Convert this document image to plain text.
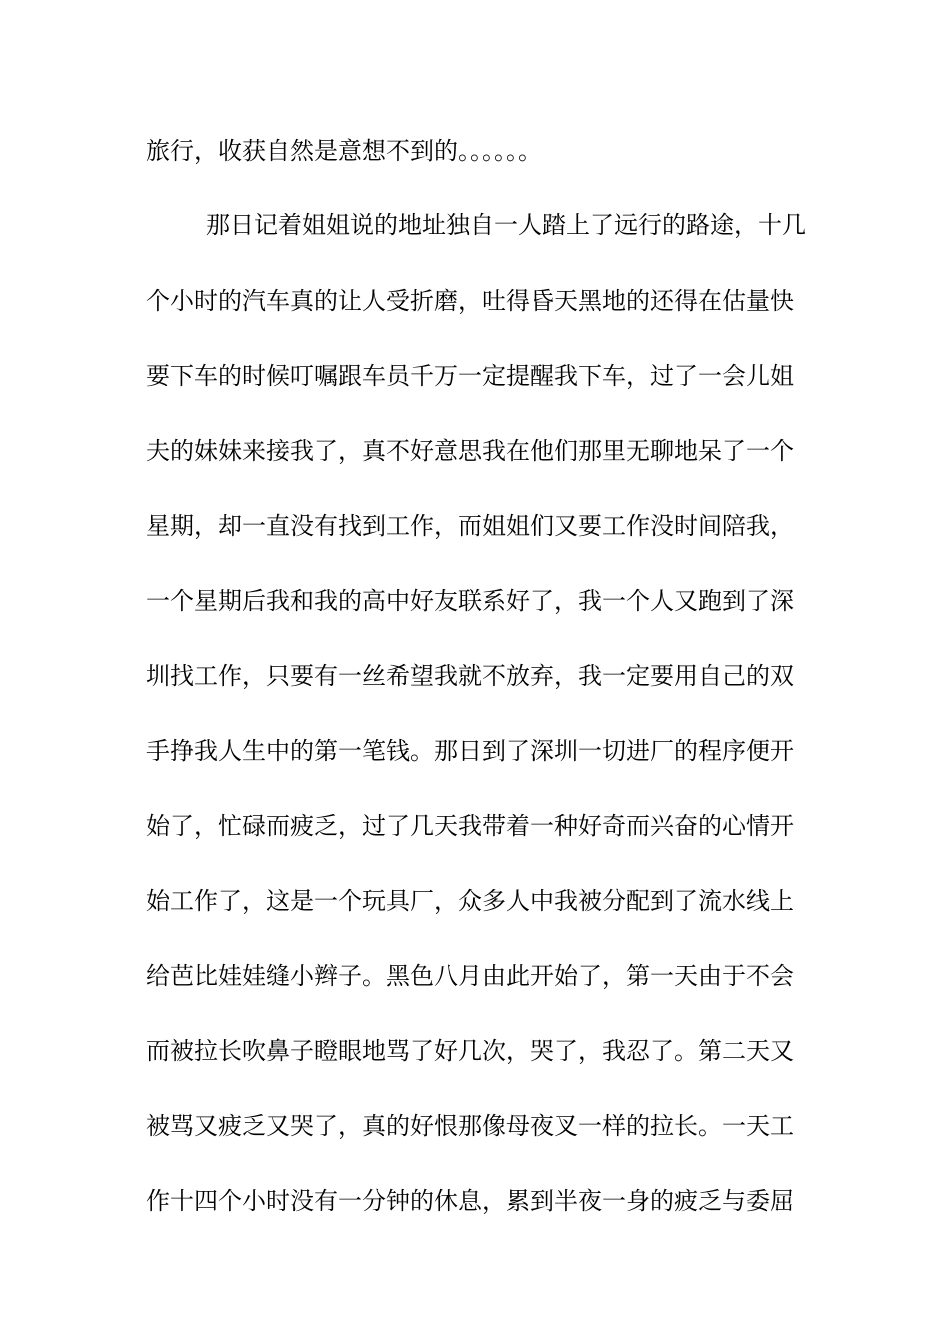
旅行，收获自然是意想不到的。。。。。。
那日记着姐姐说的地址独自一人踏上了远行的路途，十几
个小时的汽车真的让人受折磨，吐得昏天黑地的还得在估量快
要下车的时候叮嘱跟车员千万一定提醒我下车，过了一会儿姐
夫的妹妹来接我了，真不好意思我在他们那里无聊地呆了一个
星期，却一直没有找到工作，而姐姐们又要工作没时间陪我，
一个星期后我和我的高中好友联系好了，我一个人又跑到了深
圳找工作，只要有一丝希望我就不放弃，我一定要用自己的双
手挣我人生中的第一笔钱。那日到了深圳一切进厂的程序便开
始了，忙碌而疲乏，过了几天我带着一种好奇而兴奋的心情开
始工作了，这是一个玩具厂，众多人中我被分配到了流水线上
给芭比娃娃缝小辫子。黑色八月由此开始了，第一天由于不会
而被拉长吹鼻子瞪眼地骂了好几次，哭了，我忍了。第二天又
被骂又疲乏又哭了，真的好恨那像母夜叉一样的拉长。一天工
作十四个小时没有一分钟的休息，累到半夜一身的疲乏与委屈
